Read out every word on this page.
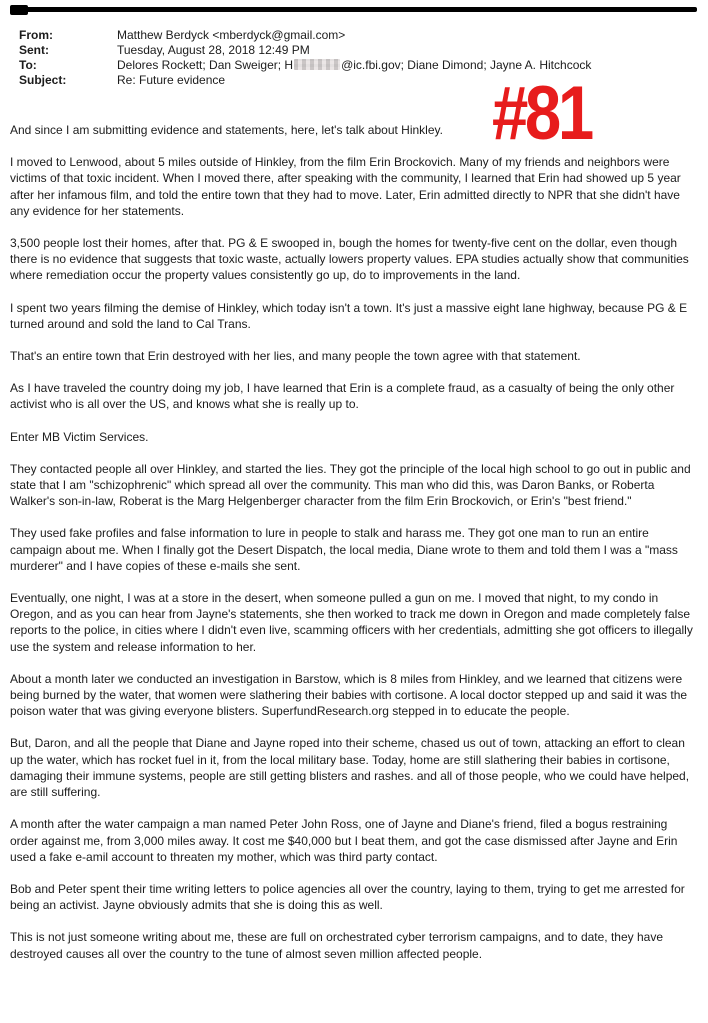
From:	Matthew Berdyck <mberdyck@gmail.com>
Sent:	Tuesday, August 28, 2018 12:49 PM
To:	Delores Rockett; Dan Sweiger; H	@ic.fbi.gov; Diane Dimond; Jayne A. Hitchcock
Subject:	Re: Future evidence	#81

And since I am submitting evidence and statements, here, let's talk about Hinkley.

I moved to Lenwood, about 5 miles outside of Hinkley, from the film Erin Brockovich. Many of my friends and neighbors were victims of that toxic incident. When I moved there, after speaking with the community, I learned that Erin had showed up 5 year after her infamous film, and told the entire town that they had to move. Later, Erin admitted directly to NPR that she didn't have any evidence for her statements.

3,500 people lost their homes, after that. PG & E swooped in, bough the homes for twenty-five cent on the dollar, even though there is no evidence that suggests that toxic waste, actually lowers property values. EPA studies actually show that communities where remediation occur the property values consistently go up, do to improvements in the land.

I spent two years filming the demise of Hinkley, which today isn't a town. It's just a massive eight lane highway, because PG & E turned around and sold the land to Cal Trans.

That's an entire town that Erin destroyed with her lies, and many people the town agree with that statement.

As I have traveled the country doing my job, I have learned that Erin is a complete fraud, as a casualty of being the only other activist who is all over the US, and knows what she is really up to.

Enter MB Victim Services.

They contacted people all over Hinkley, and started the lies. They got the principle of the local high school to go out in public and state that I am "schizophrenic" which spread all over the community. This man who did this, was Daron Banks, or Roberta Walker's son-in-law, Roberat is the Marg Helgenberger character from the film Erin Brockovich, or Erin's "best friend."

They used fake profiles and false information to lure in people to stalk and harass me. They got one man to run an entire campaign about me. When I finally got the Desert Dispatch, the local media, Diane wrote to them and told them I was a "mass murderer" and I have copies of these e-mails she sent.

Eventually, one night, I was at a store in the desert, when someone pulled a gun on me. I moved that night, to my condo in Oregon, and as you can hear from Jayne's statements, she then worked to track me down in Oregon and made completely false reports to the police, in cities where I didn't even live, scamming officers with her credentials, admitting she got officers to illegally use the system and release information to her.

About a month later we conducted an investigation in Barstow, which is 8 miles from Hinkley, and we learned that citizens were being burned by the water, that women were slathering their babies with cortisone. A local doctor stepped up and said it was the poison water that was giving everyone blisters. SuperfundResearch.org stepped in to educate the people.

But, Daron, and all the people that Diane and Jayne roped into their scheme, chased us out of town, attacking an effort to clean up the water, which has rocket fuel in it, from the local military base. Today, home are still slathering their babies in cortisone, damaging their immune systems, people are still getting blisters and rashes. and all of those people, who we could have helped, are still suffering.

A month after the water campaign a man named Peter John Ross, one of Jayne and Diane's friend, filed a bogus restraining order against me, from 3,000 miles away. It cost me $40,000 but I beat them, and got the case dismissed after Jayne and Erin used a fake e-amil account to threaten my mother, which was third party contact.

Bob and Peter spent their time writing letters to police agencies all over the country, laying to them, trying to get me arrested for being an activist. Jayne obviously admits that she is doing this as well.

This is not just someone writing about me, these are full on orchestrated cyber terrorism campaigns, and to date, they have destroyed causes all over the country to the tune of almost seven million affected people.
